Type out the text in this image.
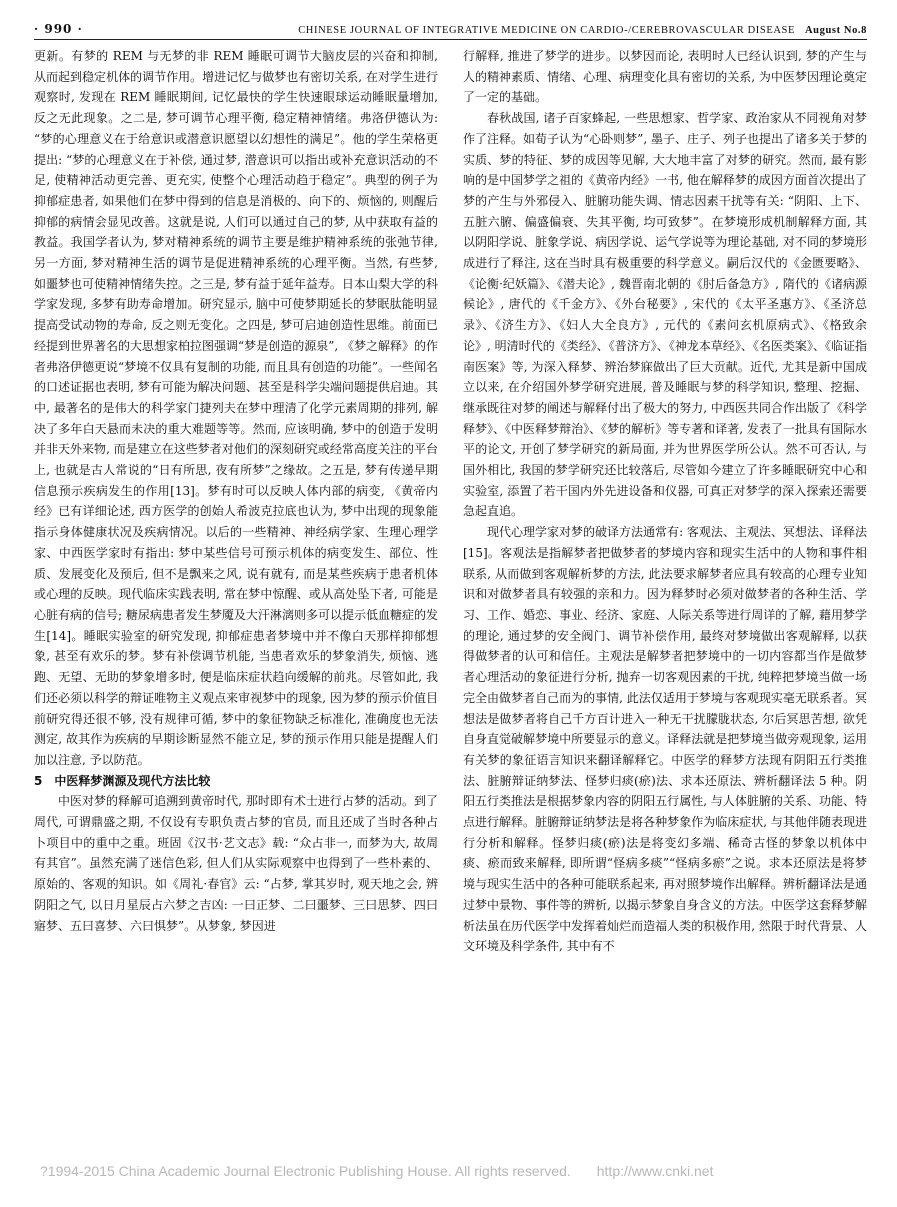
· 990 ·	CHINESE JOURNAL OF INTEGRATIVE MEDICINE ON CARDIO-/CEREBROVASCULAR DISEASE August No.8

更新。有梦的 REM 与无梦的非 REM 睡眠可调节大脑皮层的兴奋和抑制, 从而起到稳定机体的调节作用。增进记忆与做梦也有密切关系, 在对学生进行观察时, 发现在 REM 睡眠期间, 记忆最快的学生快速眼球运动睡眠量增加, 反之无此现象。之二是, 梦可调节心理平衡, 稳定精神情绪。弗洛伊德认为: “梦的心理意义在于给意识或潜意识愿望以幻想性的满足”。他的学生荣格更提出: “梦的心理意义在于补偿, 通过梦, 潜意识可以指出或补充意识活动的不足, 使精神活动更完善、更充实, 使整个心理活动趋于稳定”。典型的例子为抑郁症患者, 如果他们在梦中得到的信息是消极的、向下的、烦恼的, 则醒后抑郁的病情会显见改善。这就是说, 人们可以通过自己的梦, 从中获取有益的教益。我国学者认为, 梦对精神系统的调节主要是维护精神系统的张弛节律, 另一方面, 梦对精神生活的调节是促进精神系统的心理平衡。当然, 有些梦, 如噩梦也可使精神情绪失控。之三是, 梦有益于延年益寿。日本山梨大学的科学家发现, 多梦有助寿命增加。研究显示, 脑中可使梦期延长的梦眠肽能明显提高受试动物的寿命, 反之则无变化。之四是, 梦可启迪创造性思维。前面已经提到世界著名的大思想家柏拉图强调“梦是创造的源泉”, 《梦之解释》的作者弗洛伊德更说“梦境不仅具有复制的功能, 而且具有创造的功能”。一些闻名的口述证据也表明, 梦有可能为解决问题、甚至是科学尖端问题提供启迪。其中, 最著名的是伟大的科学家门捷列夫在梦中理清了化学元素周期的排列, 解决了多年白天悬而未决的重大难题等等。然而, 应该明确, 梦中的创造于发明并非天外来物, 而是建立在这些梦者对他们的深刻研究或经常高度关注的平台上, 也就是古人常说的“日有所思, 夜有所梦”之缘故。之五是, 梦有传递早期信息预示疾病发生的作用[13]。梦有时可以反映人体内部的病变, 《黄帝内经》已有详细论述, 西方医学的创始人希波克拉底也认为, 梦中出现的现象能指示身体健康状况及疾病情况。以后的一些精神、神经病学家、生理心理学家、中西医学家时有指出: 梦中某些信号可预示机体的病变发生、部位、性质、发展变化及预后, 但不是飘来之风, 说有就有, 而是某些疾病于患者机体或心理的反映。现代临床实践表明, 常在梦中惊醒、或从高处坠下者, 可能是心脏有病的信号; 糖尿病患者发生梦魇及大汗淋漓则多可以提示低血糖症的发生[14]。睡眠实验室的研究发现, 抑郁症患者梦境中并不像白天那样抑郁想象, 甚至有欢乐的梦。梦有补偿调节机能, 当患者欢乐的梦象消失, 烦恼、逃跑、无望、无助的梦象增多时, 便是临床症状趋向缓解的前兆。尽管如此, 我们还必须以科学的辩证唯物主义观点来审视梦中的现象, 因为梦的预示价值目前研究得还很不够, 没有规律可循, 梦中的象征物缺乏标准化, 准确度也无法测定, 故其作为疾病的早期诊断显然不能立足, 梦的预示作用只能是提醒人们加以注意, 予以防范。

5　中医释梦渊源及现代方法比较

中医对梦的释解可追溯到黄帝时代, 那时即有术士进行占梦的活动。到了周代, 可谓鼎盛之期, 不仅设有专职负责占梦的官员, 而且还成了当时各种占卜项目中的重中之重。班固《汉书·艺文志》载: “众占非一, 而梦为大, 故周有其官”。虽然充满了迷信色彩, 但人们从实际观察中也得到了一些朴素的、原始的、客观的知识。如《周礼·春官》云: “占梦, 掌其岁时, 观天地之会, 辨阴阳之气, 以日月星辰占六梦之吉凶: 一曰正梦、二曰噩梦、三曰思梦、四曰寤梦、五曰喜梦、六曰惧梦”。从梦象, 梦因进

行解释, 推进了梦学的进步。以梦因而论, 表明时人已经认识到, 梦的产生与人的精神素质、情绪、心理、病理变化具有密切的关系, 为中医梦因理论奠定了一定的基础。

春秋战国, 诸子百家蜂起, 一些思想家、哲学家、政治家从不同视角对梦作了注释。如荀子认为“心卧则梦”, 墨子、庄子、列子也提出了诸多关于梦的实质、梦的特征、梦的成因等见解, 大大地丰富了对梦的研究。然而, 最有影响的是中国梦学之祖的《黄帝内经》一书, 他在解释梦的成因方面首次提出了梦的产生与外邪侵入、脏腑功能失调、情志因素干扰等有关: “阴阳、上下、五脏六腑、偏盛偏衰、失其平衡, 均可致梦”。在梦境形成机制解释方面, 其以阴阳学说、脏象学说、病因学说、运气学说等为理论基础, 对不同的梦境形成进行了释注, 这在当时具有极重要的科学意义。嗣后汉代的《金匮要略》、《论衡·纪妖篇》、《潜夫论》, 魏晋南北朝的《肘后备急方》, 隋代的《诸病源候论》, 唐代的《千金方》、《外台秘要》, 宋代的《太平圣惠方》、《圣济总录》、《济生方》、《妇人大全良方》, 元代的《素问玄机原病式》、《格致余论》, 明清时代的《类经》、《普济方》、《神龙本草经》、《名医类案》、《临证指南医案》等, 为深入释梦、辨治梦寐做出了巨大贡献。近代, 尤其是新中国成立以来, 在介绍国外梦学研究进展, 普及睡眠与梦的科学知识, 整理、挖掘、继承既往对梦的阐述与解释付出了极大的努力, 中西医共同合作出版了《科学释梦》、《中医释梦辩治》、《梦的解析》等专著和译著, 发表了一批具有国际水平的论文, 开创了梦学研究的新局面, 并为世界医学所公认。然不可否认, 与国外相比, 我国的梦学研究还比较落后, 尽管如今建立了许多睡眠研究中心和实验室, 添置了若干国内外先进设备和仪器, 可真正对梦学的深入探索还需要急起直追。

现代心理学家对梦的破译方法通常有: 客观法、主观法、冥想法、译释法[15]。客观法是指解梦者把做梦者的梦境内容和现实生活中的人物和事件相联系, 从而做到客观解析梦的方法, 此法要求解梦者应具有较高的心理专业知识和对做梦者具有较强的亲和力。因为释梦时必须对做梦者的各种生活、学习、工作、婚恋、事业、经济、家庭、人际关系等进行周详的了解, 藉用梦学的理论, 通过梦的安全阀门、调节补偿作用, 最终对梦境做出客观解释, 以获得做梦者的认可和信任。主观法是解梦者把梦境中的一切内容都当作是做梦者心理活动的象征进行分析, 抛弃一切客观因素的干扰, 纯粹把梦境当做一场完全由做梦者自己而为的事情, 此法仅适用于梦境与客观现实毫无联系者。冥想法是做梦者将自己千方百计进入一种无干扰朦胧状态, 尔后冥思苦想, 欲凭自身直觉破解梦境中所要显示的意义。译释法就是把梦境当做旁观现象, 运用有关梦的象征语言知识来翻译解释它。中医学的释梦方法现有阴阳五行类推法、脏腑辩证纳梦法、怪梦归痰(瘀)法、求本还原法、辨析翻译法 5 种。阴阳五行类推法是根据梦象内容的阴阳五行属性, 与人体脏腑的关系、功能、特点进行解释。脏腑辩证纳梦法是将各种梦象作为临床症状, 与其他伴随表现进行分析和解释。怪梦归痰(瘀)法是将变幻多端、稀奇古怪的梦象以机体中痰、瘀而致来解释, 即所谓“怪病多痰”“怪病多瘀”之说。求本还原法是将梦境与现实生活中的各种可能联系起来, 再对照梦境作出解释。辨析翻译法是通过梦中景物、事件等的辨析, 以揭示梦象自身含义的方法。中医学这套释梦解析法虽在历代医学中发挥着灿烂而造福人类的积极作用, 然限于时代背景、人文环境及科学条件, 其中有不

?1994-2015 China Academic Journal Electronic Publishing House. All rights reserved. http://www.cnki.net
